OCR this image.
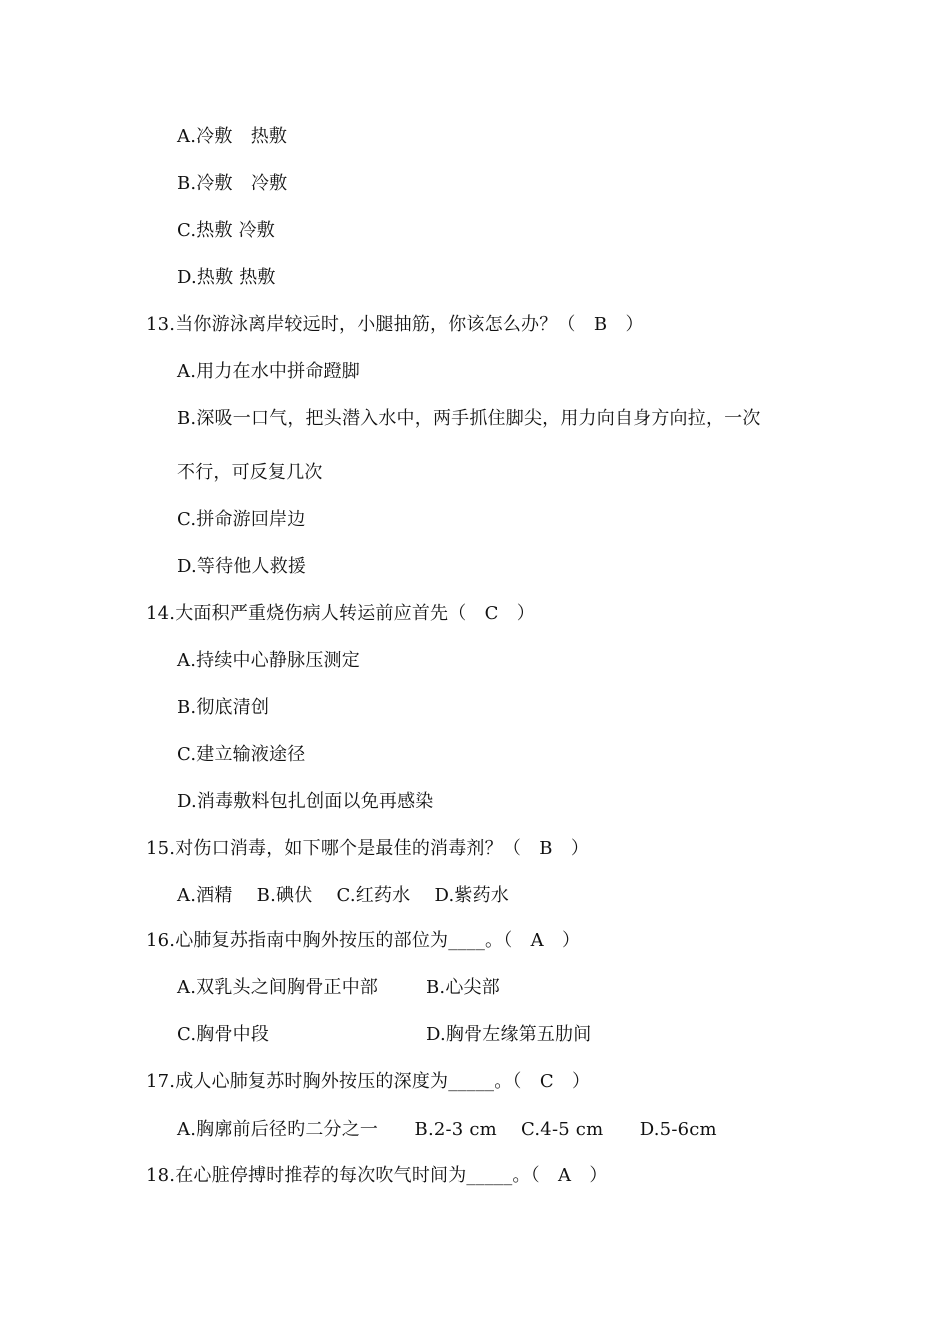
A.冷敷　热敷
B.冷敷　冷敷
C.热敷 冷敷
D.热敷 热敷
13.当你游泳离岸较远时，小腿抽筋，你该怎么办？（　B　）
A.用力在水中拼命蹬脚
B.深吸一口气，把头潜入水中，两手抓住脚尖，用力向自身方向拉，一次
不行，可反复几次
C.拼命游回岸边
D.等待他人救援
14.大面积严重烧伤病人转运前应首先（　C　）
A.持续中心静脉压测定
B.彻底清创
C.建立输液途径
D.消毒敷料包扎创面以免再感染
15.对伤口消毒，如下哪个是最佳的消毒剂？（　B　）
A.酒精　 B.碘伏　 C.红药水　 D.紫药水
16.心肺复苏指南中胸外按压的部位为____。（　A　）
A.双乳头之间胸骨正中部	B.心尖部
C.胸骨中段	D.胸骨左缘第五肋间
17.成人心肺复苏时胸外按压的深度为_____。（　C　）
A.胸廓前后径旳二分之一　　B.2-3 cm　 C.4-5 cm　　D.5-6cm
18.在心脏停搏时推荐的每次吹气时间为_____。（　A　）
